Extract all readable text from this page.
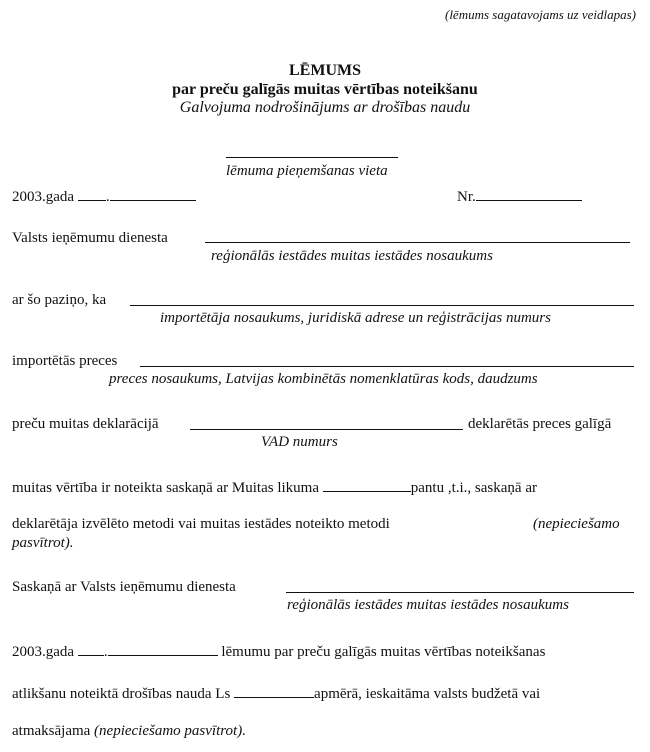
(lēmums sagatavojams uz veidlapas)
LĒMUMS
par preču galīgās muitas vērtības noteikšanu
Galvojuma nodrošinājums ar drošības naudu
lēmuma pieņemšanas vieta
2003.gada .	Nr.
Valsts ieņēmumu dienesta
reģionālās iestādes muitas iestādes nosaukums
ar šo paziņo, ka
importētāja nosaukums, juridiskā adrese un reģistrācijas numurs
importētās preces
preces nosaukums, Latvijas kombinētās nomenklatūras kods, daudzums
preču muitas deklarācijā	deklarētās preces galīgā
VAD numurs
muitas vērtība ir noteikta saskaņā ar Muitas likuma	pantu ,t.i., saskaņā ar
deklarētāja izvēlēto metodi vai muitas iestādes noteikto metodi	(nepieciešamo
pasvītrot).
Saskaņā ar Valsts ieņēmumu dienesta
reģionālās iestādes muitas iestādes nosaukums
2003.gada .	lēmumu par preču galīgās muitas vērtības noteikšanas
atlikšanu noteiktā drošības nauda Ls	apmērā, ieskaitāma valsts budžetā vai
atmaksājama (nepieciešamo pasvītrot).
